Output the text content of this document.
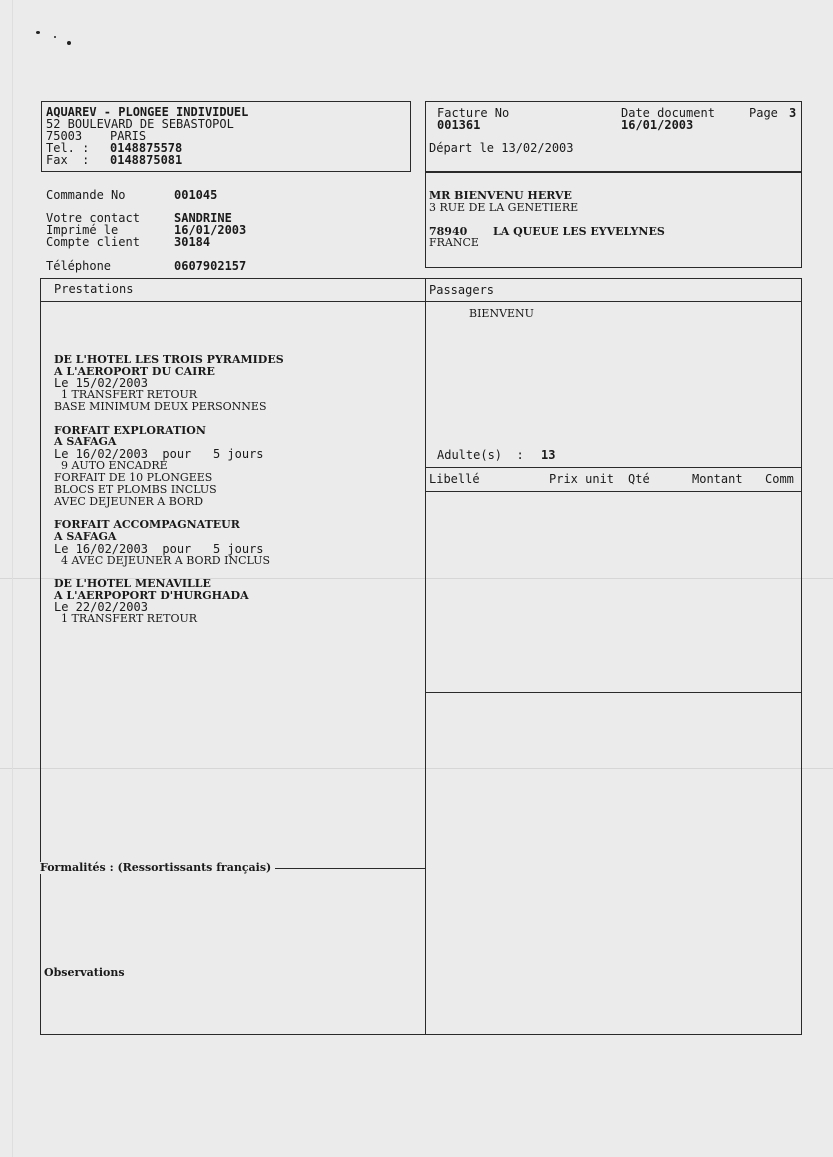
AQUAREV - PLONGEE INDIVIDUEL
52 BOULEVARD DE SEBASTOPOL
75003 PARIS
Tel. : 0148875578
Fax  : 0148875081
Facture No
001361
Date document
16/01/2003
Page 3
Départ le 13/02/2003
Commande No	001045
Votre contact	SANDRINE
Imprimé le	16/01/2003
Compte client	30184
Téléphone	0607902157
MR BIENVENU HERVE
3 RUE DE LA GENETIERE
78940 LA QUEUE LES EYVELYNES
FRANCE
Prestations	Passagers
BIENVENU
Adulte(s)  : 13
Libellé	Prix unit Qté	Montant Comm
DE L'HOTEL LES TROIS PYRAMIDES
A L'AEROPORT DU CAIRE
Le 15/02/2003
1 TRANSFERT RETOUR
BASE MINIMUM DEUX PERSONNES
FORFAIT EXPLORATION
A SAFAGA
Le 16/02/2003  pour   5 jours
9 AUTO ENCADRE
FORFAIT DE 10 PLONGEES
BLOCS ET PLOMBS INCLUS
AVEC DEJEUNER A BORD
FORFAIT ACCOMPAGNATEUR
A SAFAGA
Le 16/02/2003  pour   5 jours
4 AVEC DEJEUNER A BORD INCLUS
DE L'HOTEL MENAVILLE
A L'AERPOPORT D'HURGHADA
Le 22/02/2003
1 TRANSFERT RETOUR
Formalités : (Ressortissants français)
Observations
